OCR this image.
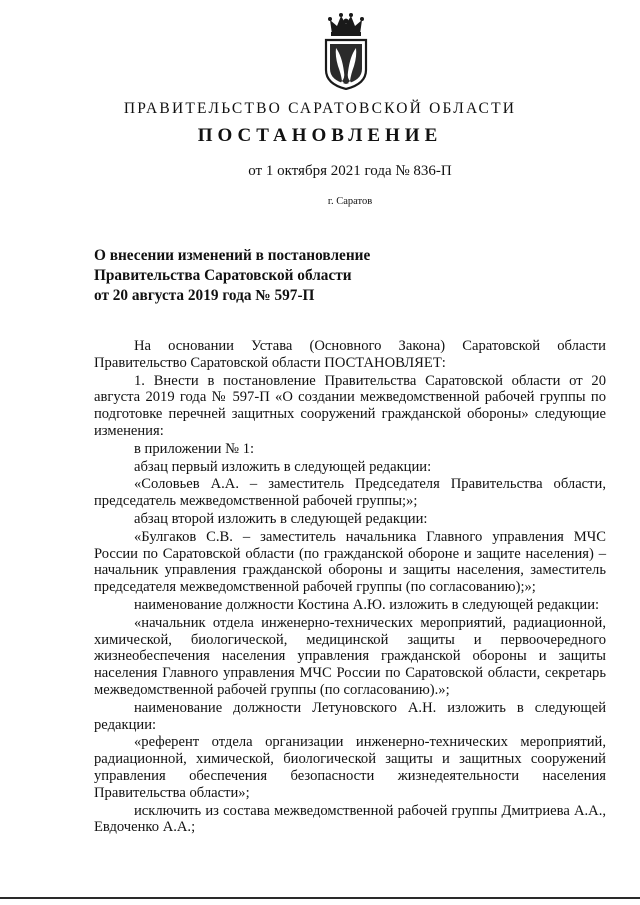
ПРАВИТЕЛЬСТВО САРАТОВСКОЙ ОБЛАСТИ
ПОСТАНОВЛЕНИЕ
от 1 октября 2021 года № 836-П
г. Саратов
О внесении изменений в постановление
Правительства Саратовской области
от 20 августа 2019 года № 597-П

На основании Устава (Основного Закона) Саратовской области Правительство Саратовской области ПОСТАНОВЛЯЕТ:

1. Внести в постановление Правительства Саратовской области от 20 августа 2019 года № 597-П «О создании межведомственной рабочей группы по подготовке перечней защитных сооружений гражданской обороны» следующие изменения:

в приложении № 1:

абзац первый изложить в следующей редакции:

«Соловьев А.А. – заместитель Председателя Правительства области, председатель межведомственной рабочей группы;»;

абзац второй изложить в следующей редакции:

«Булгаков С.В. – заместитель начальника Главного управления МЧС России по Саратовской области (по гражданской обороне и защите населения) – начальник управления гражданской обороны и защиты населения, заместитель председателя межведомственной рабочей группы (по согласованию);»;

наименование должности Костина А.Ю. изложить в следующей редакции:

«начальник отдела инженерно-технических мероприятий, радиационной, химической, биологической, медицинской защиты и первоочередного жизнеобеспечения населения управления гражданской обороны и защиты населения Главного управления МЧС России по Саратовской области, секретарь межведомственной рабочей группы (по согласованию).»;

наименование должности Летуновского А.Н. изложить в следующей редакции:

«референт отдела организации инженерно-технических мероприятий, радиационной, химической, биологической защиты и защитных сооружений управления обеспечения безопасности жизнедеятельности населения Правительства области»;

исключить из состава межведомственной рабочей группы Дмитриева А.А., Евдоченко А.А.;
